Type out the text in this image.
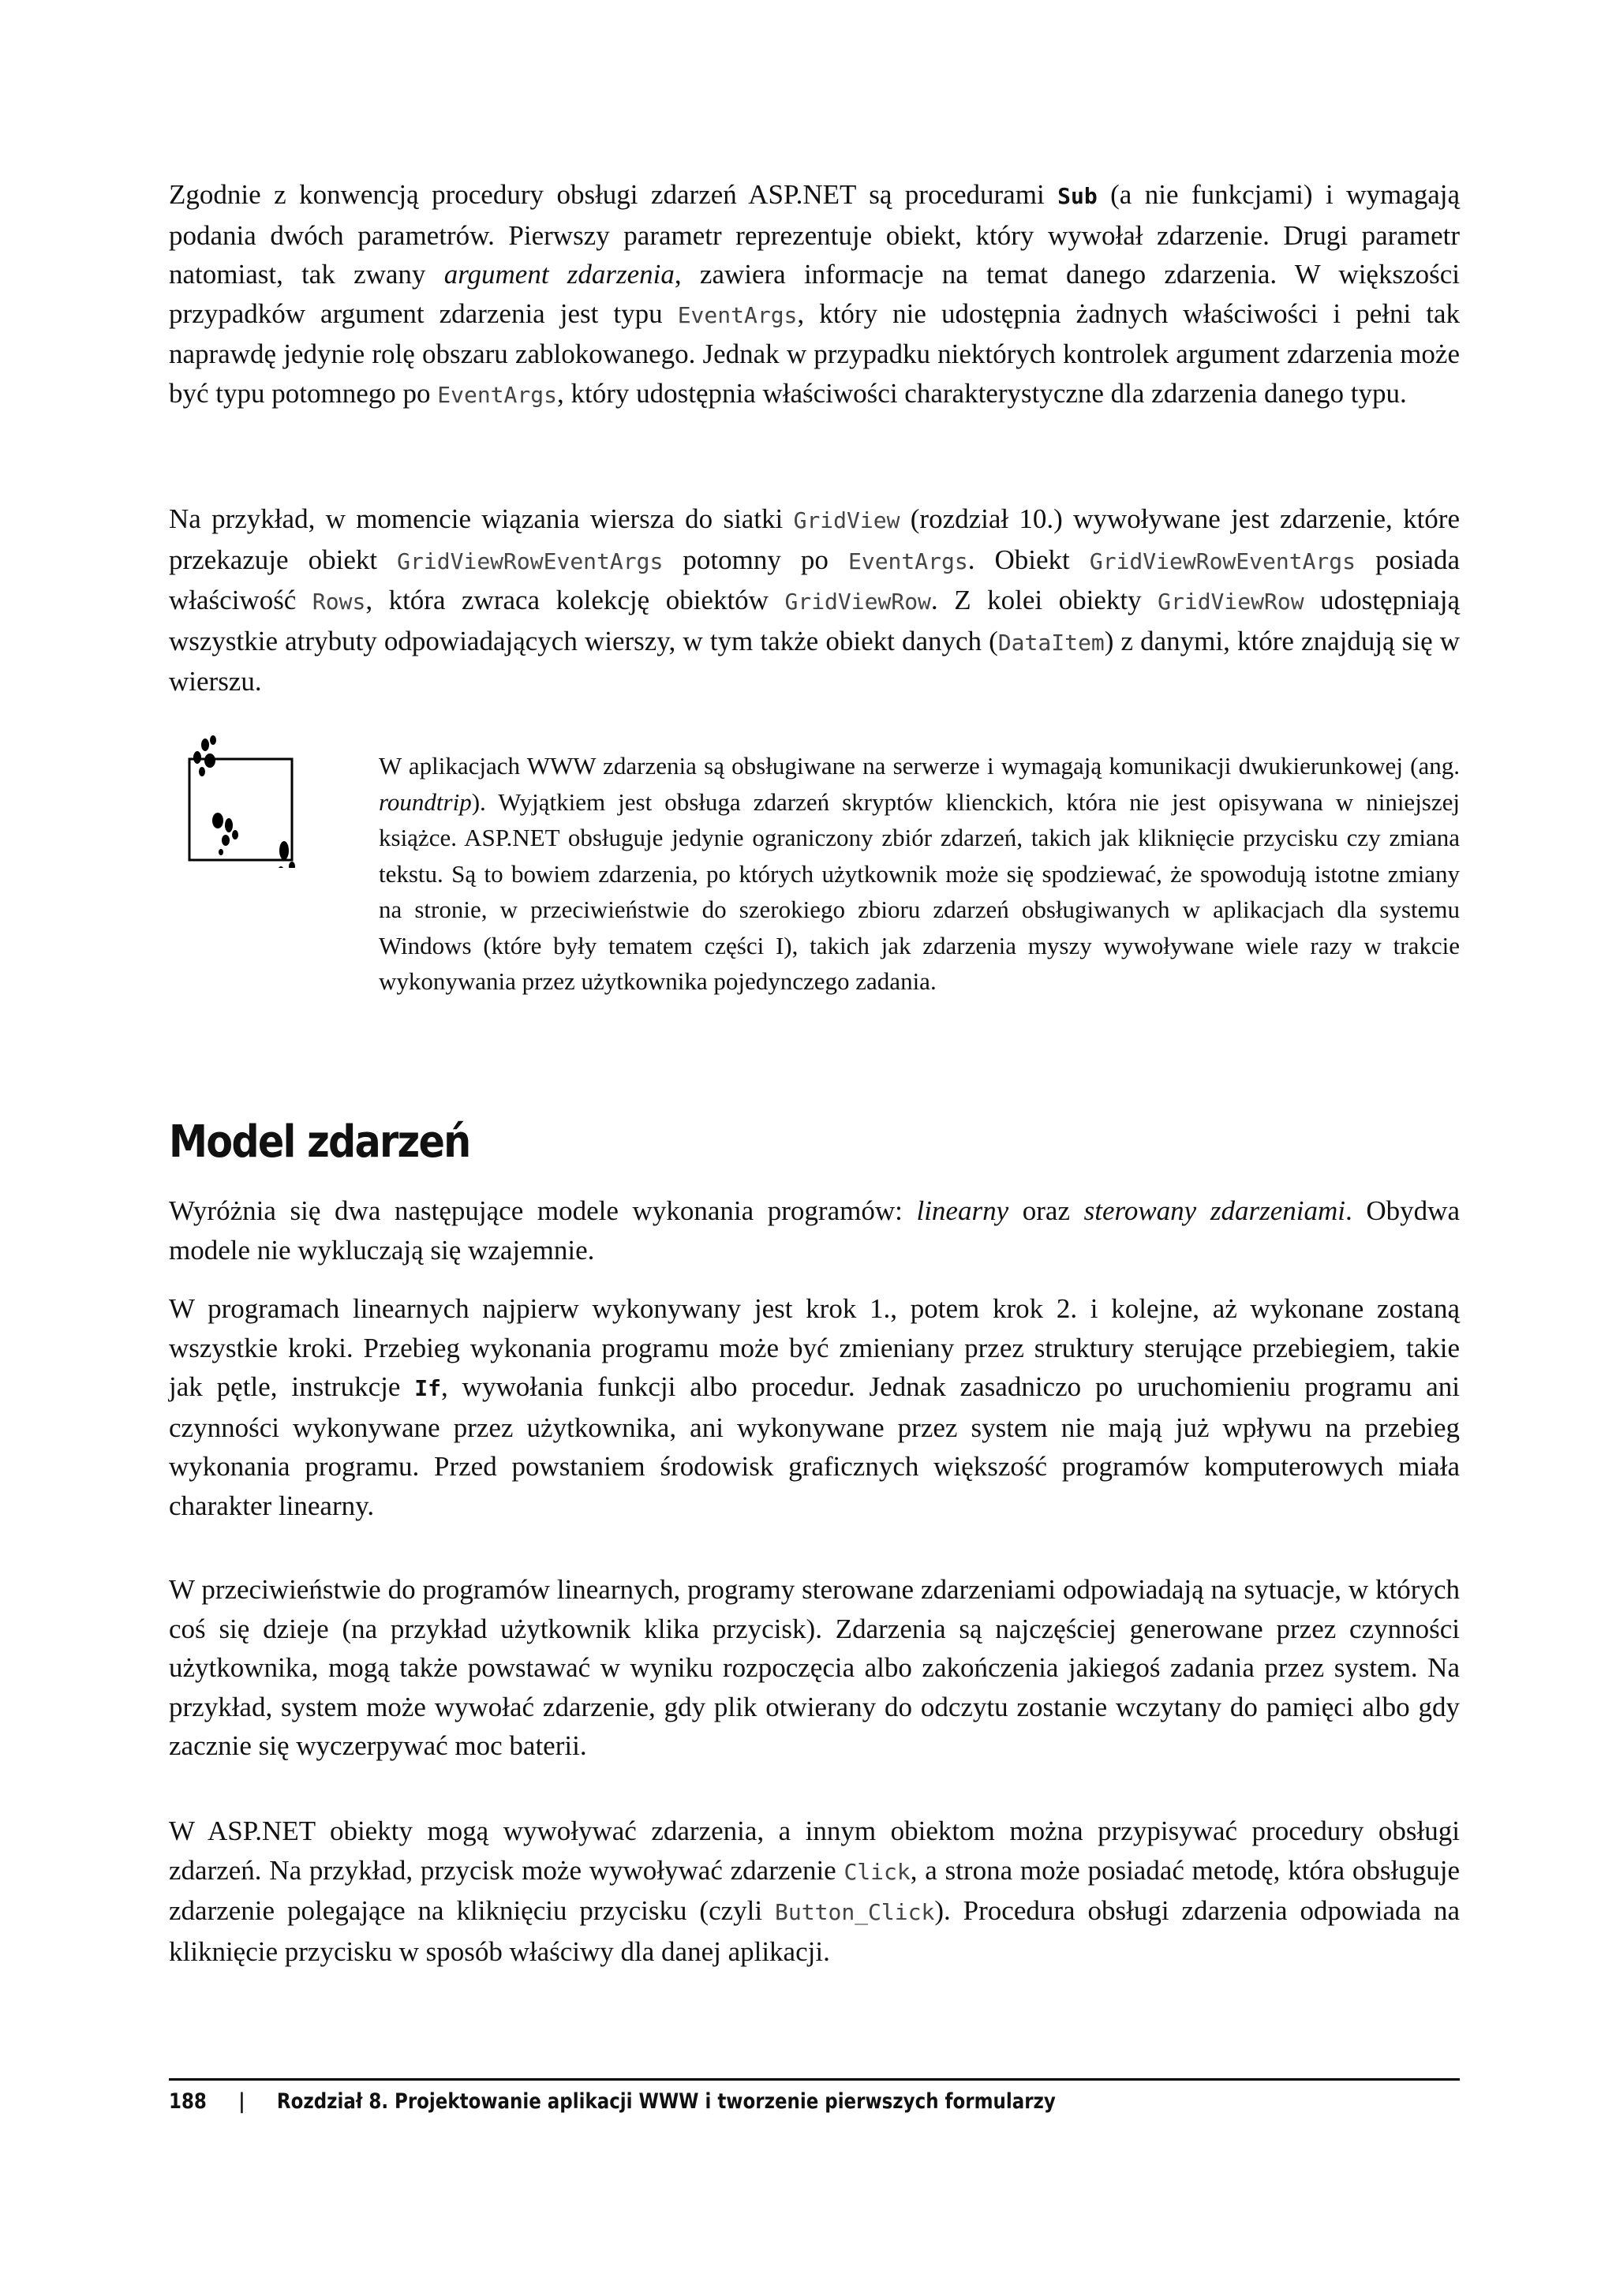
Zgodnie z konwencją procedury obsługi zdarzeń ASP.NET są procedurami Sub (a nie funkcjami) i wymagają podania dwóch parametrów. Pierwszy parametr reprezentuje obiekt, który wywołał zdarzenie. Drugi parametr natomiast, tak zwany argument zdarzenia, zawiera informacje na temat danego zdarzenia. W większości przypadków argument zdarzenia jest typu EventArgs, który nie udostępnia żadnych właściwości i pełni tak naprawdę jedynie rolę obszaru zablokowanego. Jednak w przypadku niektórych kontrolek argument zdarzenia może być typu potomnego po EventArgs, który udostępnia właściwości charakterystyczne dla zdarzenia danego typu.

Na przykład, w momencie wiązania wiersza do siatki GridView (rozdział 10.) wywoływane jest zdarzenie, które przekazuje obiekt GridViewRowEventArgs potomny po EventArgs. Obiekt GridViewRowEventArgs posiada właściwość Rows, która zwraca kolekcję obiektów GridViewRow. Z kolei obiekty GridViewRow udostępniają wszystkie atrybuty odpowiadających wierszy, w tym także obiekt danych (DataItem) z danymi, które znajdują się w wierszu.

W aplikacjach WWW zdarzenia są obsługiwane na serwerze i wymagają komunikacji dwukierunkowej (ang. roundtrip). Wyjątkiem jest obsługa zdarzeń skryptów klienckich, która nie jest opisywana w niniejszej książce. ASP.NET obsługuje jedynie ograniczony zbiór zdarzeń, takich jak kliknięcie przycisku czy zmiana tekstu. Są to bowiem zdarzenia, po których użytkownik może się spodziewać, że spowodują istotne zmiany na stronie, w przeciwieństwie do szerokiego zbioru zdarzeń obsługiwanych w aplikacjach dla systemu Windows (które były tematem części I), takich jak zdarzenia myszy wywoływane wiele razy w trakcie wykonywania przez użytkownika pojedynczego zadania.

Model zdarzeń

Wyróżnia się dwa następujące modele wykonania programów: linearny oraz sterowany zdarzeniami. Obydwa modele nie wykluczają się wzajemnie.

W programach linearnych najpierw wykonywany jest krok 1., potem krok 2. i kolejne, aż wykonane zostaną wszystkie kroki. Przebieg wykonania programu może być zmieniany przez struktury sterujące przebiegiem, takie jak pętle, instrukcje If, wywołania funkcji albo procedur. Jednak zasadniczo po uruchomieniu programu ani czynności wykonywane przez użytkownika, ani wykonywane przez system nie mają już wpływu na przebieg wykonania programu. Przed powstaniem środowisk graficznych większość programów komputerowych miała charakter linearny.

W przeciwieństwie do programów linearnych, programy sterowane zdarzeniami odpowiadają na sytuacje, w których coś się dzieje (na przykład użytkownik klika przycisk). Zdarzenia są najczęściej generowane przez czynności użytkownika, mogą także powstawać w wyniku rozpoczęcia albo zakończenia jakiegoś zadania przez system. Na przykład, system może wywołać zdarzenie, gdy plik otwierany do odczytu zostanie wczytany do pamięci albo gdy zacznie się wyczerpywać moc baterii.

W ASP.NET obiekty mogą wywoływać zdarzenia, a innym obiektom można przypisywać procedury obsługi zdarzeń. Na przykład, przycisk może wywoływać zdarzenie Click, a strona może posiadać metodę, która obsługuje zdarzenie polegające na kliknięciu przycisku (czyli Button_Click). Procedura obsługi zdarzenia odpowiada na kliknięcie przycisku w sposób właściwy dla danej aplikacji.

188 | Rozdział 8. Projektowanie aplikacji WWW i tworzenie pierwszych formularzy
